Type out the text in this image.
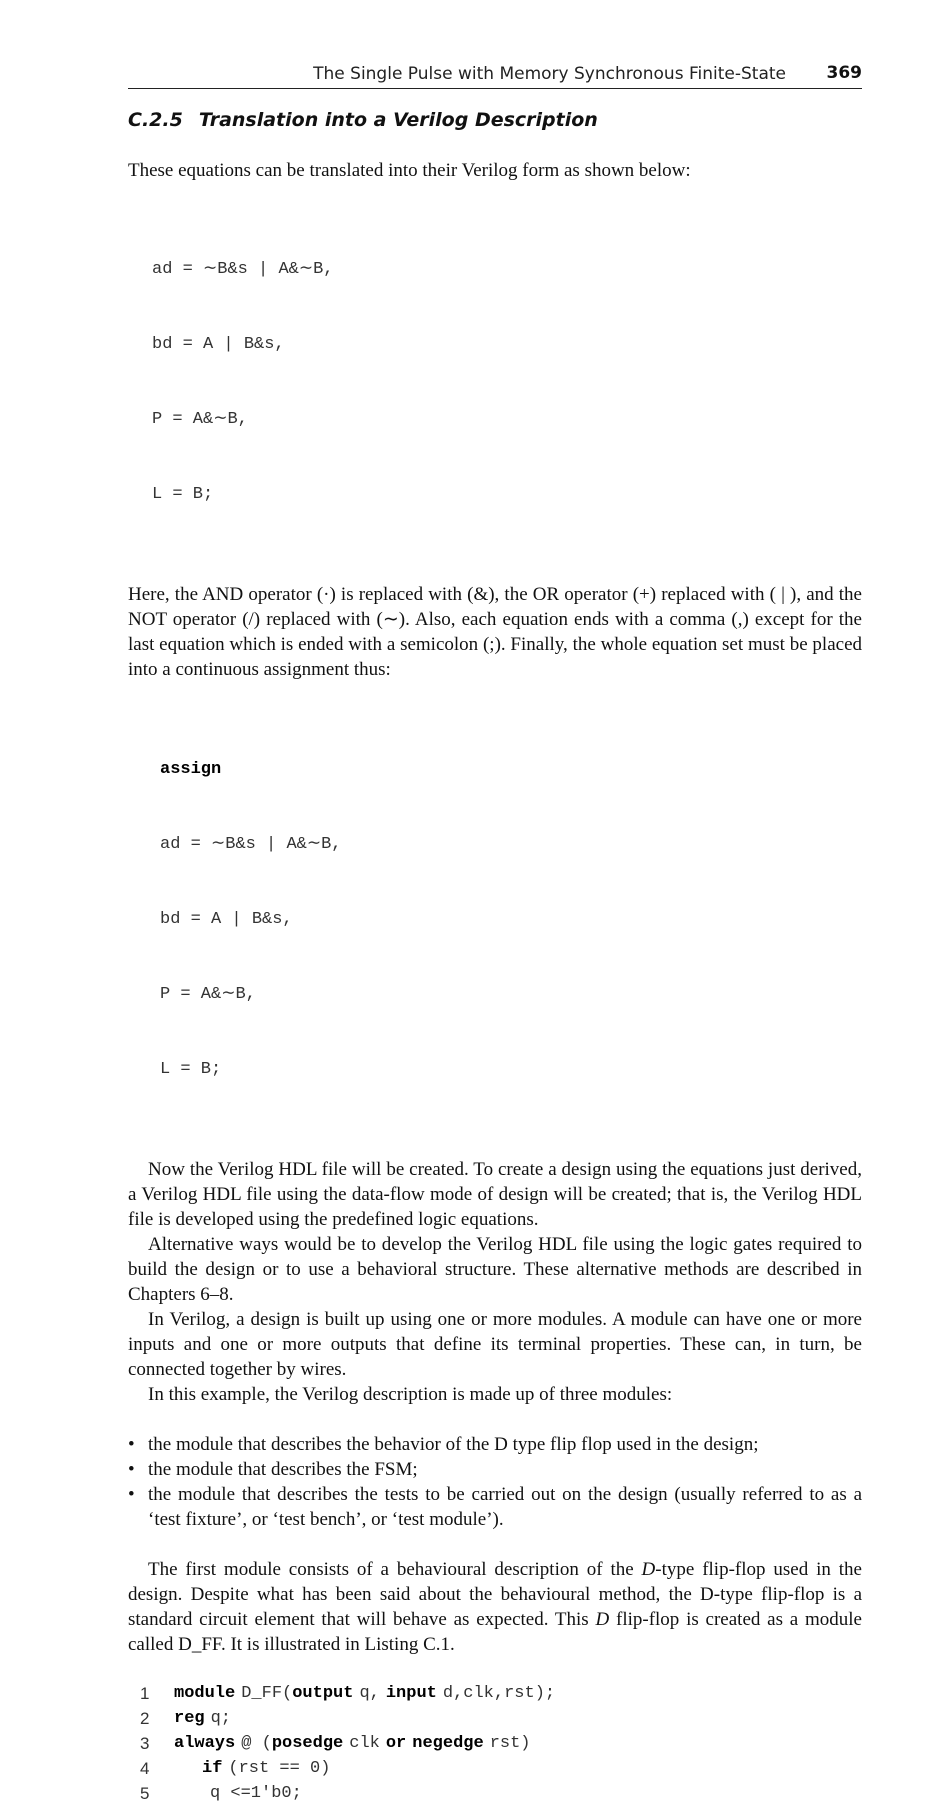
The Single Pulse with Memory Synchronous Finite-State 369
C.2.5 Translation into a Verilog Description

These equations can be translated into their Verilog form as shown below:

ad = ∼B&s | A&∼B,

bd = A | B&s,

P = A&∼B,

L = B;

Here, the AND operator (·) is replaced with (&), the OR operator (+) replaced with ( | ), and the NOT operator (/) replaced with (∼). Also, each equation ends with a comma (,) except for the last equation which is ended with a semicolon (;). Finally, the whole equation set must be placed into a continuous assignment thus:

assign

ad = ∼B&s | A&∼B,

bd = A | B&s,

P = A&∼B,

L = B;

Now the Verilog HDL file will be created. To create a design using the equations just derived, a Verilog HDL file using the data-flow mode of design will be created; that is, the Verilog HDL file is developed using the predefined logic equations.

Alternative ways would be to develop the Verilog HDL file using the logic gates required to build the design or to use a behavioral structure. These alternative methods are described in Chapters 6–8.

In Verilog, a design is built up using one or more modules. A module can have one or more inputs and one or more outputs that define its terminal properties. These can, in turn, be connected together by wires.

In this example, the Verilog description is made up of three modules:

• the module that describes the behavior of the D type flip flop used in the design;
• the module that describes the FSM;
• the module that describes the tests to be carried out on the design (usually referred to as a ‘test fixture’, or ‘test bench’, or ‘test module’).

The first module consists of a behavioural description of the D-type flip-flop used in the design. Despite what has been said about the behavioural method, the D-type flip-flop is a standard circuit element that will behave as expected. This D flip-flop is created as a module called D_FF. It is illustrated in Listing C.1.

1	module D_FF(output q, input d,clk,rst);
2	reg q;
3	always @ (posedge clk or negedge rst)
4	if (rst == 0)
5	q <=1′b0;
